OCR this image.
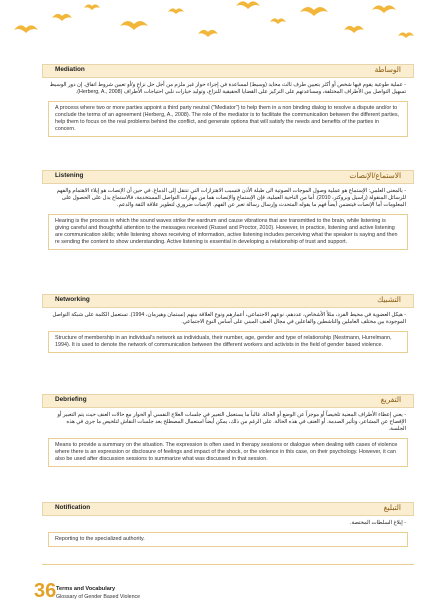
Mediation	الوساطة
- عملية طوعية يقوم فيها شخص أو أكثر بتعيين طرف ثالث محايد (وسيط) لمساعدة في إجراء حوار غير ملزم من أجل حل نزاع و/أو تعيين شروط اتفاق. إن دور الوسيط تسهيل التواصل بين الأطراف المختلفة، ومساعدتهم على التركيز على القضايا الحقيقية للنزاع، وتوليد خيارات تلبي احتياجات الأطراف (Herberg, A., 2008).
A process where two or more parties appoint a third party neutral ("Mediator") to help them in a non binding dialog to resolve a dispute and/or to conclude the terms of an agreement (Herberg, A., 2008). The role of the mediator is to facilitate the communication between the different parties, help them to focus on the real problems behind the conflict, and generate options that will satisfy the needs and benefits of the parties in concern.
Listening	الاستماع/الإنصات
- بالمعنى العلمي: الإستماع هو عملية وصول الموجات الصوتية الى طبلة الأذن فتسبب الاهتزازات التي تنتقل إلى الدماغ. في حين أن الإنصات هو إيلاء الاهتمام والفهم للرسائل المنقولة (راسيل وبروكتر، 2010). أما من الناحية العملية، فإن الإستماع والإنصات هما من مهارات التواصل المستخدمة، فالاستماع يدل على الحصول على المعلومات أما الإنصات فيتضمن أيضاً فهم ما يقوله المتحدث وإرسال رسالة تعبر عن الفهم. الإنصات ضروري لتطوير علاقة الثقة والدعم.
Hearing is the process in which the sound waves strike the eardrum and cause vibrations that are transmitted to the brain, while listening is giving careful and thoughtful attention to the messages received (Russel and Proctor, 2010). However, in practice, listening and active listening are communication skills; while listening shows receiving of information, active listening includes perceiving what the speaker is saying and then re sending the content to show understanding. Active listening is essential in developing a relationship of trust and support.
Networking	التشبيك
- هيكل العضوية في محيط الفرد، مثلاً الأشخاص، عددهم، نوعهم الاجتماعي، أعمارهم ونوع العلاقة بينهم (نستمان وهيرمان، 1994). تستعمل الكلمة على شبكة التواصل الموجودة بين مختلف العاملين والناشطين والفاعلين في مجال العنف المبني على أساس النوع الاجتماعي.
Structure of membership in an individual's network as individuals, their number, age, gender and type of relationship (Nestmann, Hurrelmann, 1994). It is used to denote the network of communication between the different workers and activists in the field of gender based violence.
Debriefing	التفريغ
- يعني إعطاء الأطراف المعنية تلخيصاً أو موجزاً عن الوضع أو الحالة. غالباً ما يستعمل التعبير في جلسات العلاج النفسي أو الحوار مع حالات العنف حيث يتم التعبير أو الإفصاح عن المشاعر، وتأثير الصدمة. أو العنف في هذه الحالة. على الرغم من ذلك، يمكن أيضاً استعمال المصطلح بعد جلسات النقاش لتلخيص ما جرى في هذه الجلسة.
Means to provide a summary on the situation. The expression is often used in therapy sessions or dialogue when dealing with cases of violence where there is an expression or disclosure of feelings and impact of the shock, or the violence in this case, on their psychology. However, it can also be used after discussion sessions to summarize what was discussed in that session.
Notification	التبليغ
- إبلاغ السلطات المختصة.
Reporting to the specialized authority.
36 Terms and Vocabulary
Glossary of Gender Based Violence
